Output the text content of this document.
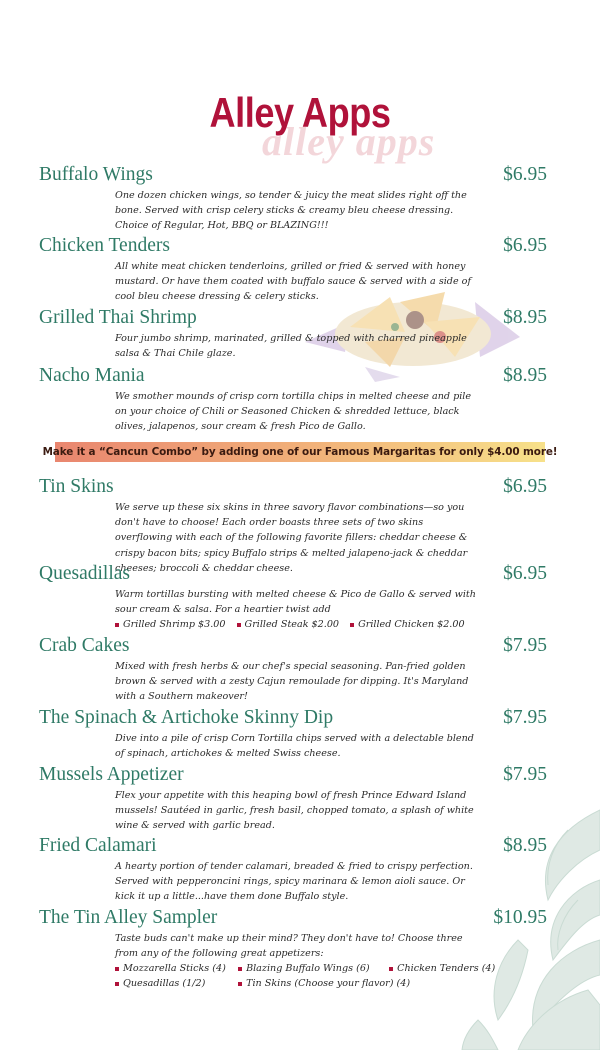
alley apps
Alley Apps
Buffalo Wings	$6.95
One dozen chicken wings, so tender & juicy the meat slides right off the bone. Served with crisp celery sticks & creamy bleu cheese dressing. Choice of Regular, Hot, BBQ or BLAZING!!!
Chicken Tenders	$6.95
All white meat chicken tenderloins, grilled or fried & served with honey mustard. Or have them coated with buffalo sauce & served with a side of cool bleu cheese dressing & celery sticks.
Grilled Thai Shrimp	$8.95
Four jumbo shrimp, marinated, grilled & topped with charred pineapple salsa & Thai Chile glaze.
Nacho Mania	$8.95
We smother mounds of crisp corn tortilla chips in melted cheese and pile on your choice of Chili or Seasoned Chicken & shredded lettuce, black olives, jalapenos, sour cream & fresh Pico de Gallo.
Make it a “Cancun Combo” by adding one of our Famous Margaritas for only $4.00 more!
Tin Skins	$6.95
We serve up these six skins in three savory flavor combinations—so you don't have to choose! Each order boasts three sets of two skins overflowing with each of the following favorite fillers: cheddar cheese & crispy bacon bits; spicy Buffalo strips & melted jalapeno-jack & cheddar cheeses; broccoli & cheddar cheese.
Quesadillas	$6.95
Warm tortillas bursting with melted cheese & Pico de Gallo & served with sour cream & salsa. For a heartier twist add
Grilled Shrimp $3.00 Grilled Steak $2.00 Grilled Chicken $2.00
Crab Cakes	$7.95
Mixed with fresh herbs & our chef's special seasoning. Pan-fried golden brown & served with a zesty Cajun remoulade for dipping. It's Maryland with a Southern makeover!
The Spinach & Artichoke Skinny Dip	$7.95
Dive into a pile of crisp Corn Tortilla chips served with a delectable blend of spinach, artichokes & melted Swiss cheese.
Mussels Appetizer	$7.95
Flex your appetite with this heaping bowl of fresh Prince Edward Island mussels! Sautéed in garlic, fresh basil, chopped tomato, a splash of white wine & served with garlic bread.
Fried Calamari	$8.95
A hearty portion of tender calamari, breaded & fried to crispy perfection. Served with pepperoncini rings, spicy marinara & lemon aioli sauce. Or kick it up a little...have them done Buffalo style.
The Tin Alley Sampler	$10.95
Taste buds can't make up their mind? They don't have to! Choose three from any of the following great appetizers:
Mozzarella Sticks (4) Blazing Buffalo Wings (6)	Chicken Tenders (4)
Quesadillas (1/2)	Tin Skins (Choose your flavor) (4)
